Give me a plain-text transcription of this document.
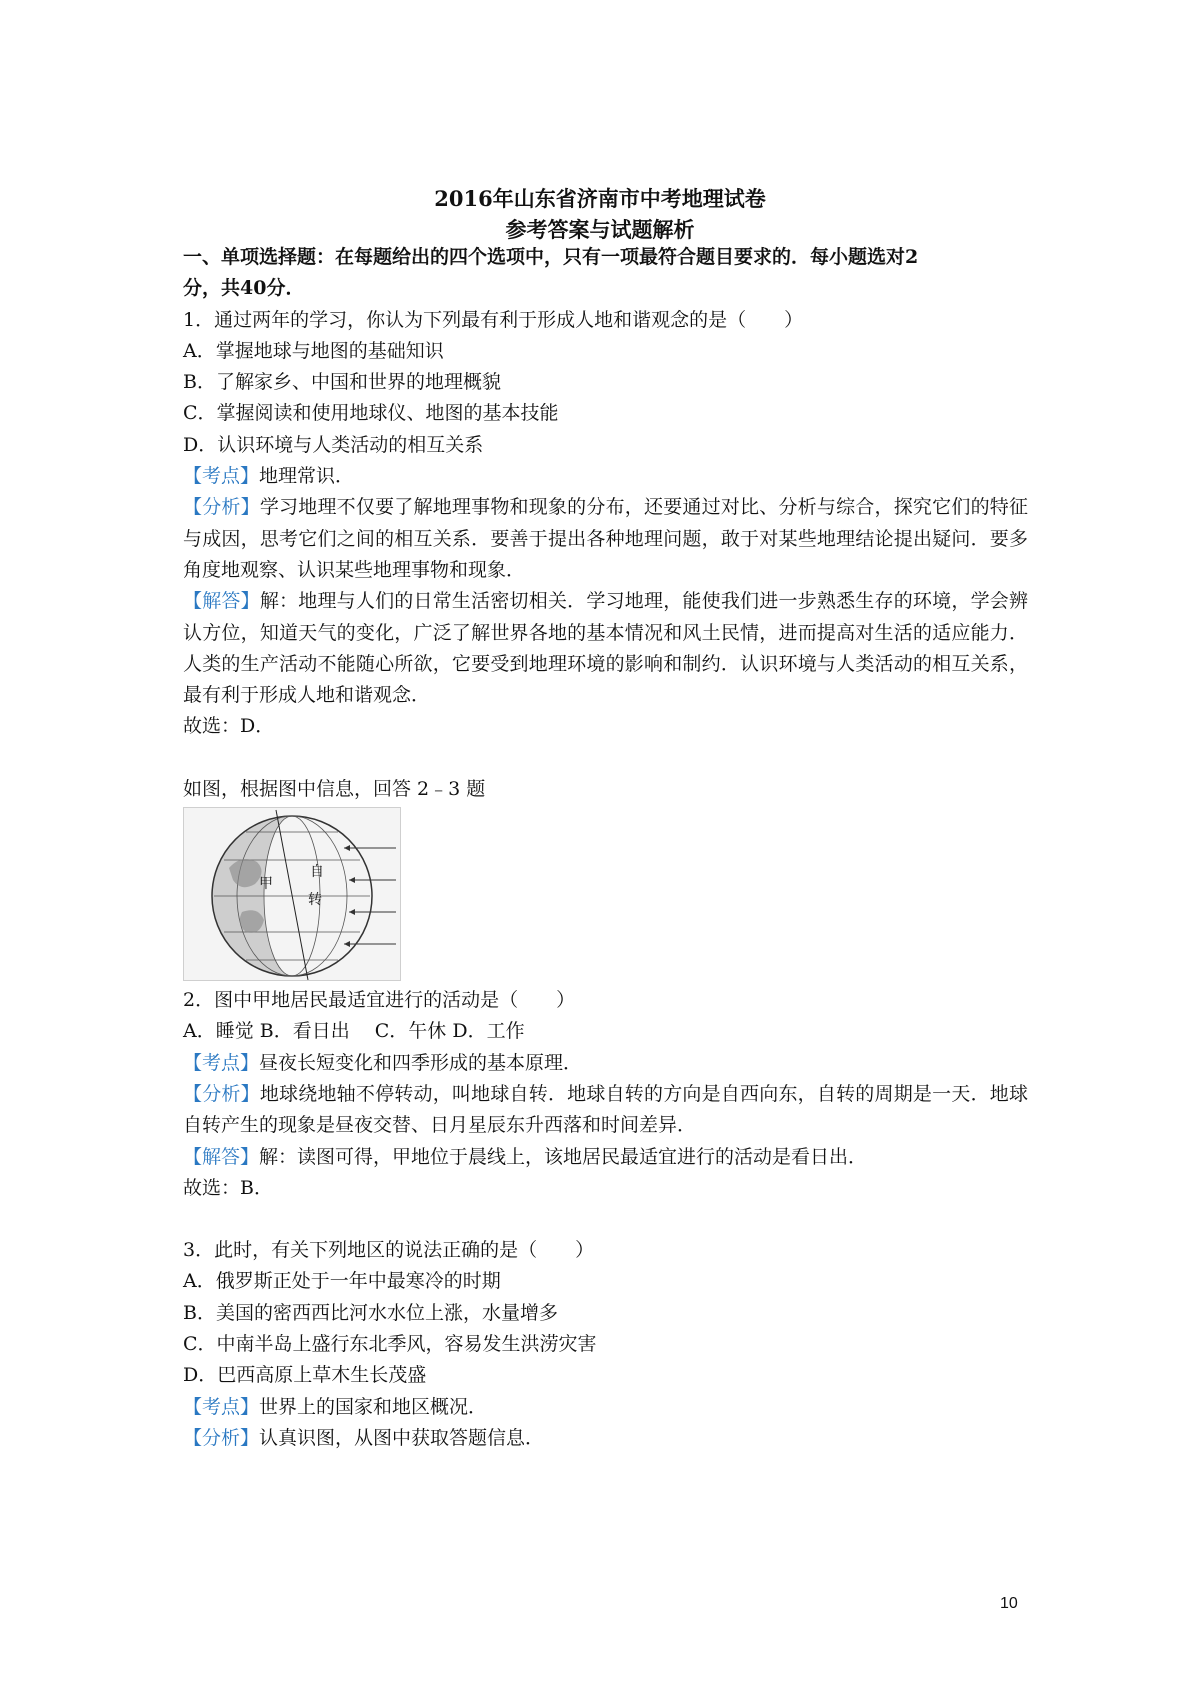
2016年山东省济南市中考地理试卷
参考答案与试题解析
一、单项选择题：在每题给出的四个选项中，只有一项最符合题目要求的．每小题选对2
分，共40分．
1．通过两年的学习，你认为下列最有利于形成人地和谐观念的是（　　）
A．掌握地球与地图的基础知识
B．了解家乡、中国和世界的地理概貌
C．掌握阅读和使用地球仪、地图的基本技能
D．认识环境与人类活动的相互关系
【考点】地理常识．
【分析】学习地理不仅要了解地理事物和现象的分布，还要通过对比、分析与综合，探究它们的特征与成因，思考它们之间的相互关系．要善于提出各种地理问题，敢于对某些地理结论提出疑问．要多角度地观察、认识某些地理事物和现象．
【解答】解：地理与人们的日常生活密切相关．学习地理，能使我们进一步熟悉生存的环境，学会辨认方位，知道天气的变化，广泛了解世界各地的基本情况和风土民情，进而提高对生活的适应能力．人类的生产活动不能随心所欲，它要受到地理环境的影响和制约．认识环境与人类活动的相互关系，最有利于形成人地和谐观念．
故选：D．
如图，根据图中信息，回答 2﹣3 题
甲
自
转
2．图中甲地居民最适宜进行的活动是（　　）
A．睡觉 B．看日出　 C．午休 D．工作
【考点】昼夜长短变化和四季形成的基本原理．
【分析】地球绕地轴不停转动，叫地球自转．地球自转的方向是自西向东，自转的周期是一天．地球自转产生的现象是昼夜交替、日月星辰东升西落和时间差异．
【解答】解：读图可得，甲地位于晨线上，该地居民最适宜进行的活动是看日出．
故选：B．
3．此时，有关下列地区的说法正确的是（　　）
A．俄罗斯正处于一年中最寒冷的时期
B．美国的密西西比河水水位上涨，水量增多
C．中南半岛上盛行东北季风，容易发生洪涝灾害
D．巴西高原上草木生长茂盛
【考点】世界上的国家和地区概况．
【分析】认真识图，从图中获取答题信息．
10
